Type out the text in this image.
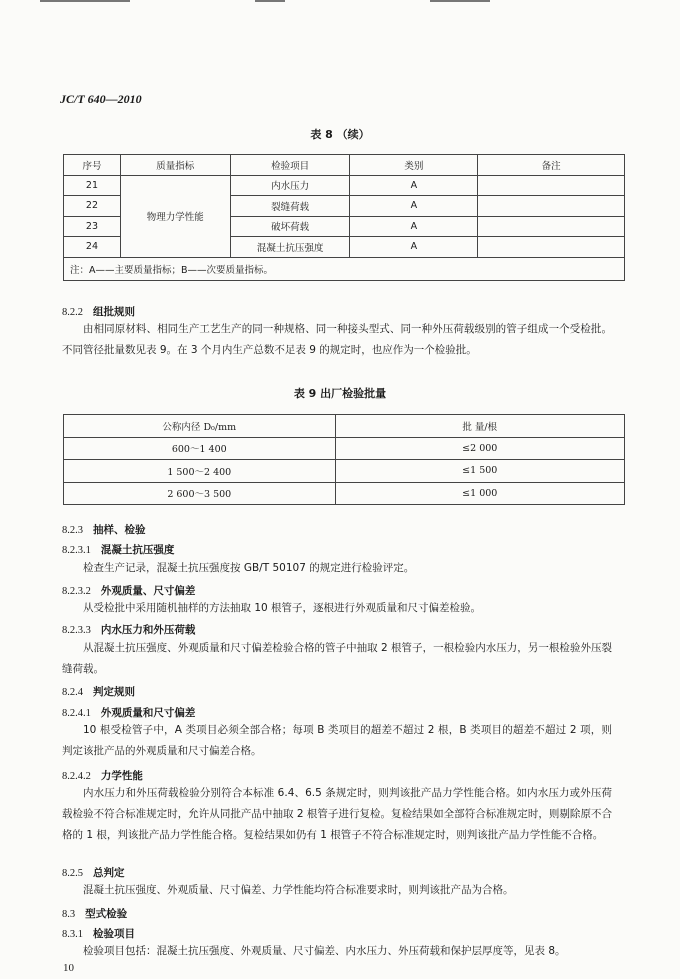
JC/T 640—2010
表 8 （续）
序号	质量指标	检验项目	类别	备注
21	物理力学性能	内水压力	A	
22		裂缝荷载	A	
23		破坏荷载	A	
24		混凝土抗压强度	A	
注：A——主要质量指标；B——次要质量指标。				
8.2.2 组批规则
由相同原材料、相同生产工艺生产的同一种规格、同一种接头型式、同一种外压荷载级别的管子组成一个受检批。不同管径批量数见表 9。在 3 个月内生产总数不足表 9 的规定时，也应作为一个检验批。
表 9 出厂检验批量
公称内径 D₀/mm	批 量/根
600～1 400	≤2 000
1 500～2 400	≤1 500
2 600～3 500	≤1 000
8.2.3 抽样、检验
8.2.3.1 混凝土抗压强度
检查生产记录，混凝土抗压强度按 GB/T 50107 的规定进行检验评定。
8.2.3.2 外观质量、尺寸偏差
从受检批中采用随机抽样的方法抽取 10 根管子，逐根进行外观质量和尺寸偏差检验。
8.2.3.3 内水压力和外压荷载
从混凝土抗压强度、外观质量和尺寸偏差检验合格的管子中抽取 2 根管子，一根检验内水压力，另一根检验外压裂缝荷载。
8.2.4 判定规则
8.2.4.1 外观质量和尺寸偏差
10 根受检管子中，A 类项目必须全部合格；每项 B 类项目的超差不超过 2 根，B 类项目的超差不超过 2 项，则判定该批产品的外观质量和尺寸偏差合格。
8.2.4.2 力学性能
内水压力和外压荷载检验分别符合本标准 6.4、6.5 条规定时，则判该批产品力学性能合格。如内水压力或外压荷载检验不符合标准规定时，允许从同批产品中抽取 2 根管子进行复检。复检结果如全部符合标准规定时，则剔除原不合格的 1 根，判该批产品力学性能合格。复检结果如仍有 1 根管子不符合标准规定时，则判该批产品力学性能不合格。
8.2.5 总判定
混凝土抗压强度、外观质量、尺寸偏差、力学性能均符合标准要求时，则判该批产品为合格。
8.3 型式检验
8.3.1 检验项目
检验项目包括：混凝土抗压强度、外观质量、尺寸偏差、内水压力、外压荷载和保护层厚度等，见表 8。
10
